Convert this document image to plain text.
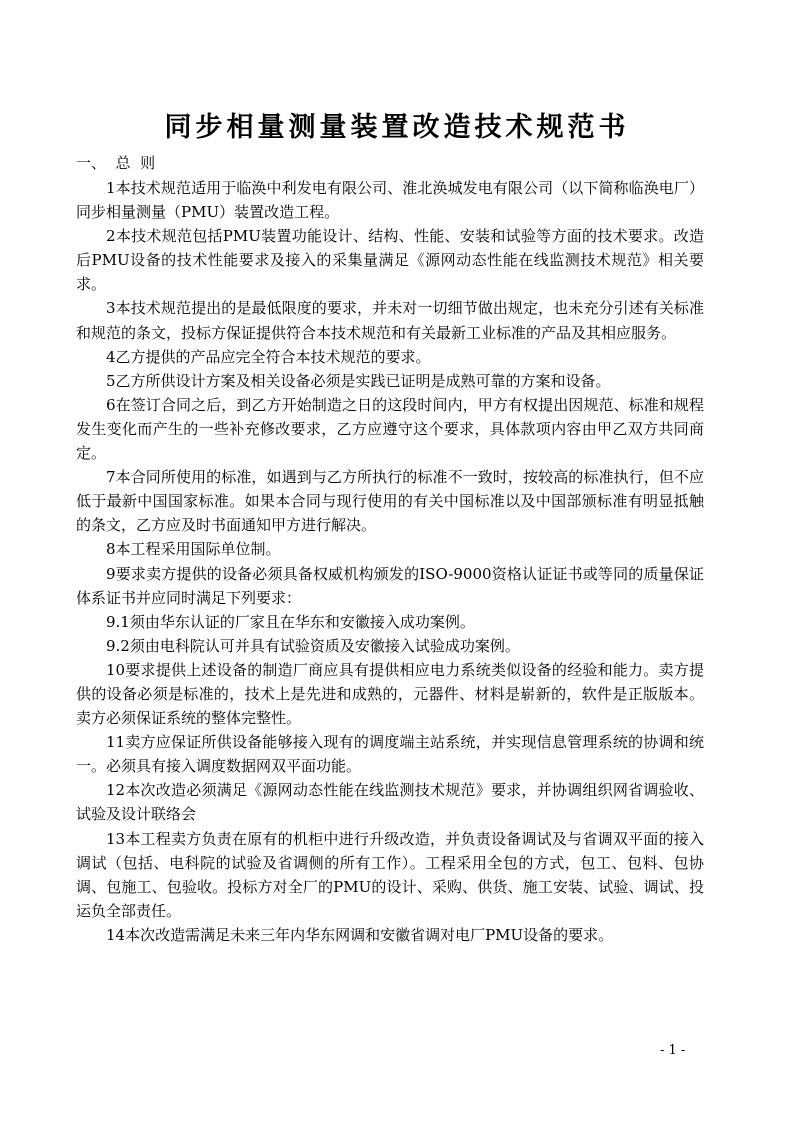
同步相量测量装置改造技术规范书
一、  总  则

1本技术规范适用于临涣中利发电有限公司、淮北涣城发电有限公司（以下简称临涣电厂）同步相量测量（PMU）装置改造工程。

2本技术规范包括PMU装置功能设计、结构、性能、安装和试验等方面的技术要求。改造后PMU设备的技术性能要求及接入的采集量满足《源网动态性能在线监测技术规范》相关要求。

3本技术规范提出的是最低限度的要求，并未对一切细节做出规定，也未充分引述有关标准和规范的条文，投标方保证提供符合本技术规范和有关最新工业标准的产品及其相应服务。

4乙方提供的产品应完全符合本技术规范的要求。

5乙方所供设计方案及相关设备必须是实践已证明是成熟可靠的方案和设备。

6在签订合同之后，到乙方开始制造之日的这段时间内，甲方有权提出因规范、标准和规程发生变化而产生的一些补充修改要求，乙方应遵守这个要求，具体款项内容由甲乙双方共同商定。

7本合同所使用的标准，如遇到与乙方所执行的标准不一致时，按较高的标准执行，但不应低于最新中国国家标准。如果本合同与现行使用的有关中国标准以及中国部颁标准有明显抵触的条文，乙方应及时书面通知甲方进行解决。

8本工程采用国际单位制。

9要求卖方提供的设备必须具备权威机构颁发的ISO-9000资格认证证书或等同的质量保证体系证书并应同时满足下列要求：

9.1须由华东认证的厂家且在华东和安徽接入成功案例。

9.2须由电科院认可并具有试验资质及安徽接入试验成功案例。

10要求提供上述设备的制造厂商应具有提供相应电力系统类似设备的经验和能力。卖方提供的设备必须是标准的，技术上是先进和成熟的，元器件、材料是崭新的，软件是正版版本。卖方必须保证系统的整体完整性。

11卖方应保证所供设备能够接入现有的调度端主站系统，并实现信息管理系统的协调和统一。必须具有接入调度数据网双平面功能。

12本次改造必须满足《源网动态性能在线监测技术规范》要求，并协调组织网省调验收、试验及设计联络会

13本工程卖方负责在原有的机柜中进行升级改造，并负责设备调试及与省调双平面的接入调试（包括、电科院的试验及省调侧的所有工作）。工程采用全包的方式，包工、包料、包协调、包施工、包验收。投标方对全厂的PMU的设计、采购、供货、施工安装、试验、调试、投运负全部责任。

14本次改造需满足未来三年内华东网调和安徽省调对电厂PMU设备的要求。

- 1 -
